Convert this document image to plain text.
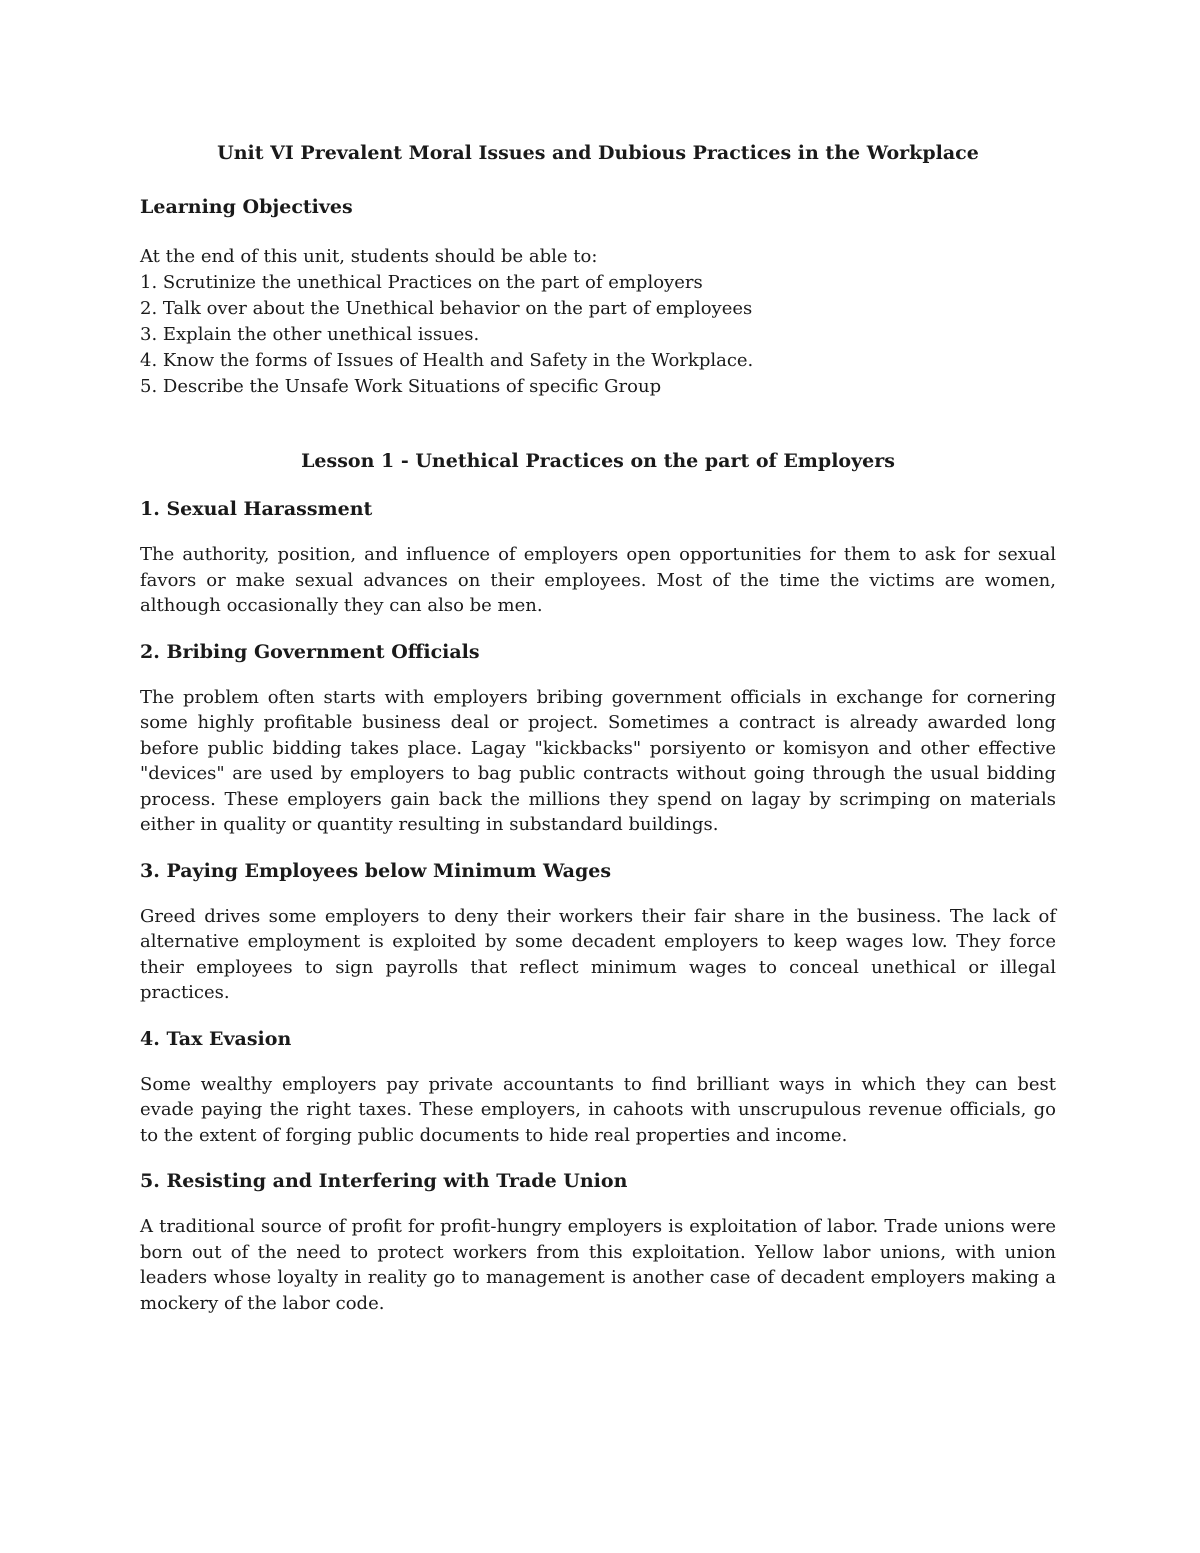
Unit VI Prevalent Moral Issues and Dubious Practices in the Workplace
Learning Objectives

At the end of this unit, students should be able to:

1. Scrutinize the unethical Practices on the part of employers
2. Talk over about the Unethical behavior on the part of employees
3. Explain the other unethical issues.
4. Know the forms of Issues of Health and Safety in the Workplace.
5. Describe the Unsafe Work Situations of specific Group
Lesson 1 - Unethical Practices on the part of Employers
1. Sexual Harassment

The authority, position, and influence of employers open opportunities for them to ask for sexual favors or make sexual advances on their employees. Most of the time the victims are women, although occasionally they can also be men.

2. Bribing Government Officials

The problem often starts with employers bribing government officials in exchange for cornering some highly profitable business deal or project. Sometimes a contract is already awarded long before public bidding takes place. Lagay "kickbacks" porsiyento or komisyon and other effective "devices" are used by employers to bag public contracts without going through the usual bidding process. These employers gain back the millions they spend on lagay by scrimping on materials either in quality or quantity resulting in substandard buildings.

3. Paying Employees below Minimum Wages

Greed drives some employers to deny their workers their fair share in the business. The lack of alternative employment is exploited by some decadent employers to keep wages low. They force their employees to sign payrolls that reflect minimum wages to conceal unethical or illegal practices.

4. Tax Evasion

Some wealthy employers pay private accountants to find brilliant ways in which they can best evade paying the right taxes. These employers, in cahoots with unscrupulous revenue officials, go to the extent of forging public documents to hide real properties and income.

5. Resisting and Interfering with Trade Union

A traditional source of profit for profit-hungry employers is exploitation of labor. Trade unions were born out of the need to protect workers from this exploitation. Yellow labor unions, with union leaders whose loyalty in reality go to management is another case of decadent employers making a mockery of the labor code.
